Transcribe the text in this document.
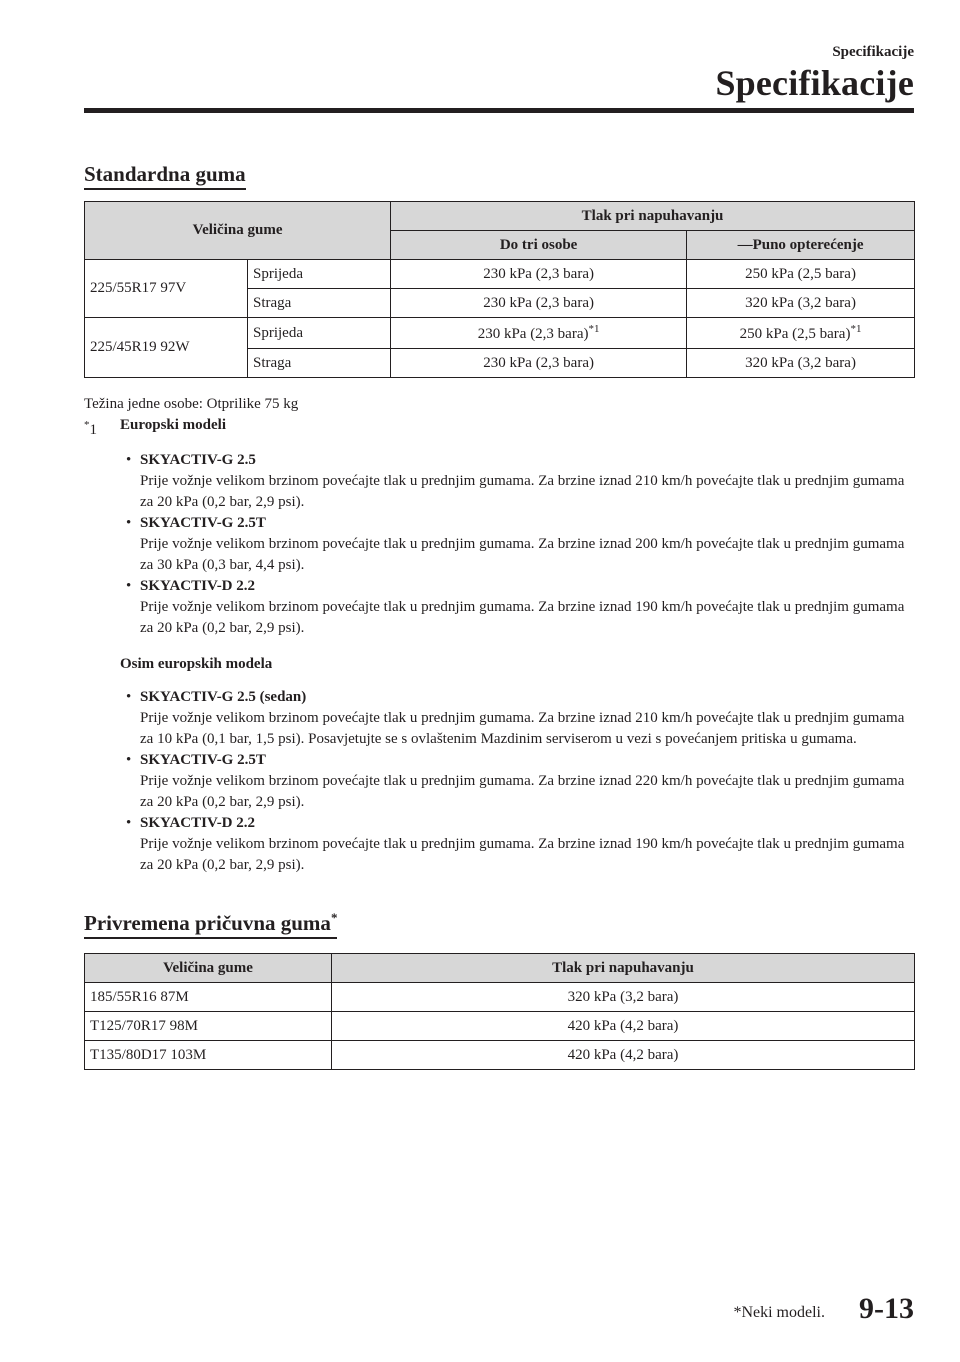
Specifikacije
Specifikacije
Standardna guma
Veličina gume		Tlak pri napuhavanju	
		Do tri osobe	—Puno opterećenje
225/55R17 97V	Sprijeda	230 kPa (2,3 bara)	250 kPa (2,5 bara)
	Straga	230 kPa (2,3 bara)	320 kPa (3,2 bara)
225/45R19 92W	Sprijeda	230 kPa (2,3 bara)$^{*1}$	250 kPa (2,5 bara)$^{*1}$
	Straga	230 kPa (2,3 bara)	320 kPa (3,2 bara)
Težina jedne osobe: Otprilike 75 kg
*1 Europski modeli
• SKYACTIV-G 2.5
Prije vožnje velikom brzinom povećajte tlak u prednjim gumama. Za brzine iznad 210 km/h povećajte tlak u prednjim gumama za 20 kPa (0,2 bar, 2,9 psi).
• SKYACTIV-G 2.5T
Prije vožnje velikom brzinom povećajte tlak u prednjim gumama. Za brzine iznad 200 km/h povećajte tlak u prednjim gumama za 30 kPa (0,3 bar, 4,4 psi).
• SKYACTIV-D 2.2
Prije vožnje velikom brzinom povećajte tlak u prednjim gumama. Za brzine iznad 190 km/h povećajte tlak u prednjim gumama za 20 kPa (0,2 bar, 2,9 psi).
Osim europskih modela
• SKYACTIV-G 2.5 (sedan)
Prije vožnje velikom brzinom povećajte tlak u prednjim gumama. Za brzine iznad 210 km/h povećajte tlak u prednjim gumama za 10 kPa (0,1 bar, 1,5 psi). Posavjetujte se s ovlaštenim Mazdinim serviserom u vezi s povećanjem pritiska u gumama.
• SKYACTIV-G 2.5T
Prije vožnje velikom brzinom povećajte tlak u prednjim gumama. Za brzine iznad 220 km/h povećajte tlak u prednjim gumama za 20 kPa (0,2 bar, 2,9 psi).
• SKYACTIV-D 2.2
Prije vožnje velikom brzinom povećajte tlak u prednjim gumama. Za brzine iznad 190 km/h povećajte tlak u prednjim gumama za 20 kPa (0,2 bar, 2,9 psi).
Privremena pričuvna guma*
Veličina gume	Tlak pri napuhavanju
185/55R16 87M	320 kPa (3,2 bara)
T125/70R17 98M	420 kPa (4,2 bara)
T135/80D17 103M	420 kPa (4,2 bara)
*Neki modeli. 9-13
